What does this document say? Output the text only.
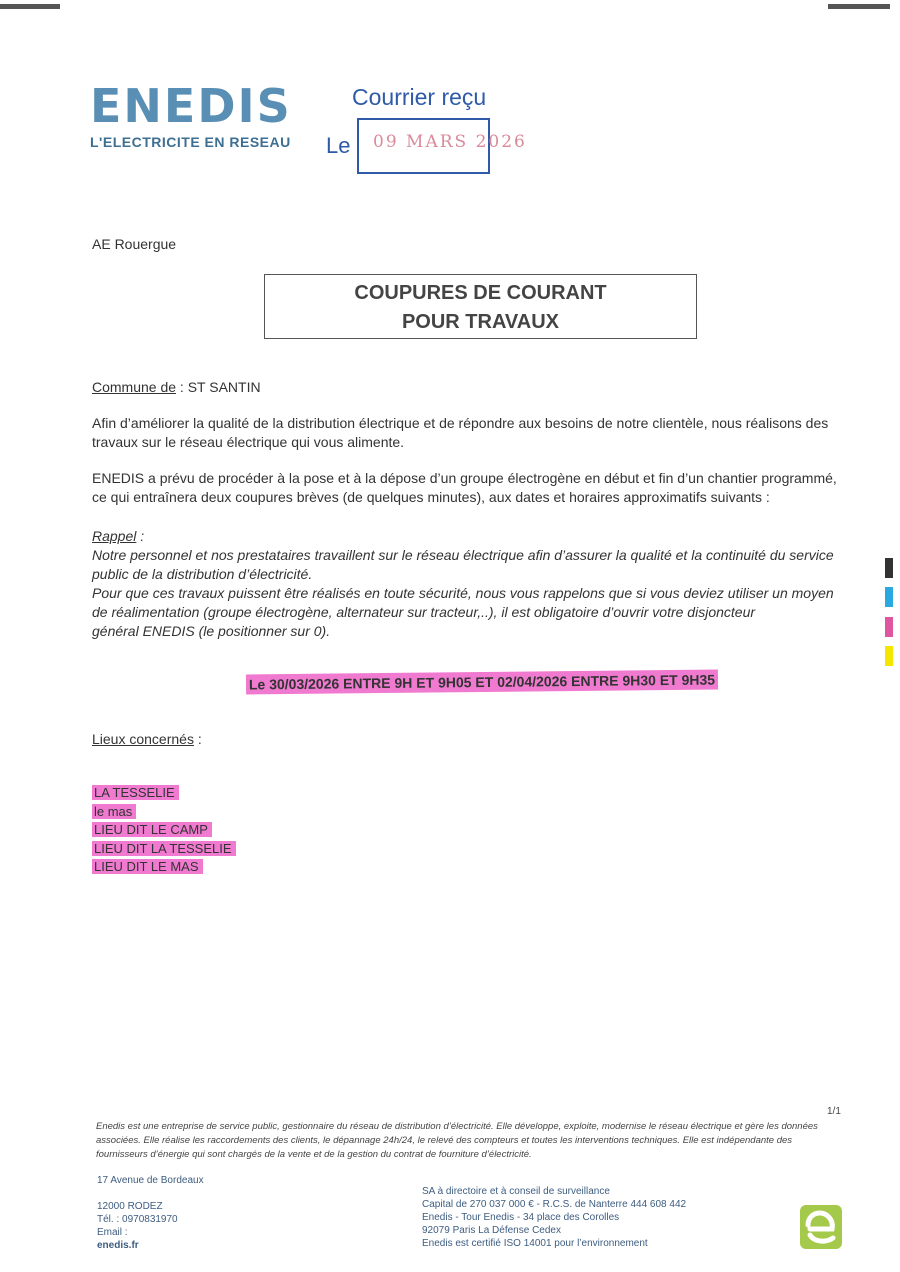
ENEDIS
L'ELECTRICITE EN RESEAU
Courrier reçu
Le 09 MARS 2026
AE Rouergue
COUPURES DE COURANT
POUR TRAVAUX
Commune de : ST SANTIN
Afin d’améliorer la qualité de la distribution électrique et de répondre aux besoins de notre clientèle, nous réalisons des travaux sur le réseau électrique qui vous alimente.
ENEDIS a prévu de procéder à la pose et à la dépose d’un groupe électrogène en début et fin d’un chantier programmé, ce qui entraînera deux coupures brèves (de quelques minutes), aux dates et horaires approximatifs suivants :
Rappel :
Notre personnel et nos prestataires travaillent sur le réseau électrique afin d’assurer la qualité et la continuité du service public de la distribution d’électricité.
Pour que ces travaux puissent être réalisés en toute sécurité, nous vous rappelons que si vous deviez utiliser un moyen de réalimentation (groupe électrogène, alternateur sur tracteur,..), il est obligatoire d’ouvrir votre disjoncteur
général ENEDIS (le positionner sur 0).
Le 30/03/2026 ENTRE 9H ET 9H05 ET 02/04/2026 ENTRE 9H30 ET 9H35
Lieux concernés :
LA TESSELIE
le mas
LIEU DIT LE CAMP
LIEU DIT LA TESSELIE
LIEU DIT LE MAS
1/1
Enedis est une entreprise de service public, gestionnaire du réseau de distribution d’électricité. Elle développe, exploite, modernise le réseau électrique et gère les données associées. Elle réalise les raccordements des clients, le dépannage 24h/24, le relevé des compteurs et toutes les interventions techniques. Elle est indépendante des fournisseurs d’énergie qui sont chargés de la vente et de la gestion du contrat de fourniture d’électricité.
17 Avenue de Bordeaux
12000 RODEZ
Tél. : 0970831970
Email :
enedis.fr
SA à directoire et à conseil de surveillance
Capital de 270 037 000 € - R.C.S. de Nanterre 444 608 442
Enedis - Tour Enedis - 34 place des Corolles
92079 Paris La Défense Cedex
Enedis est certifié ISO 14001 pour l’environnement
